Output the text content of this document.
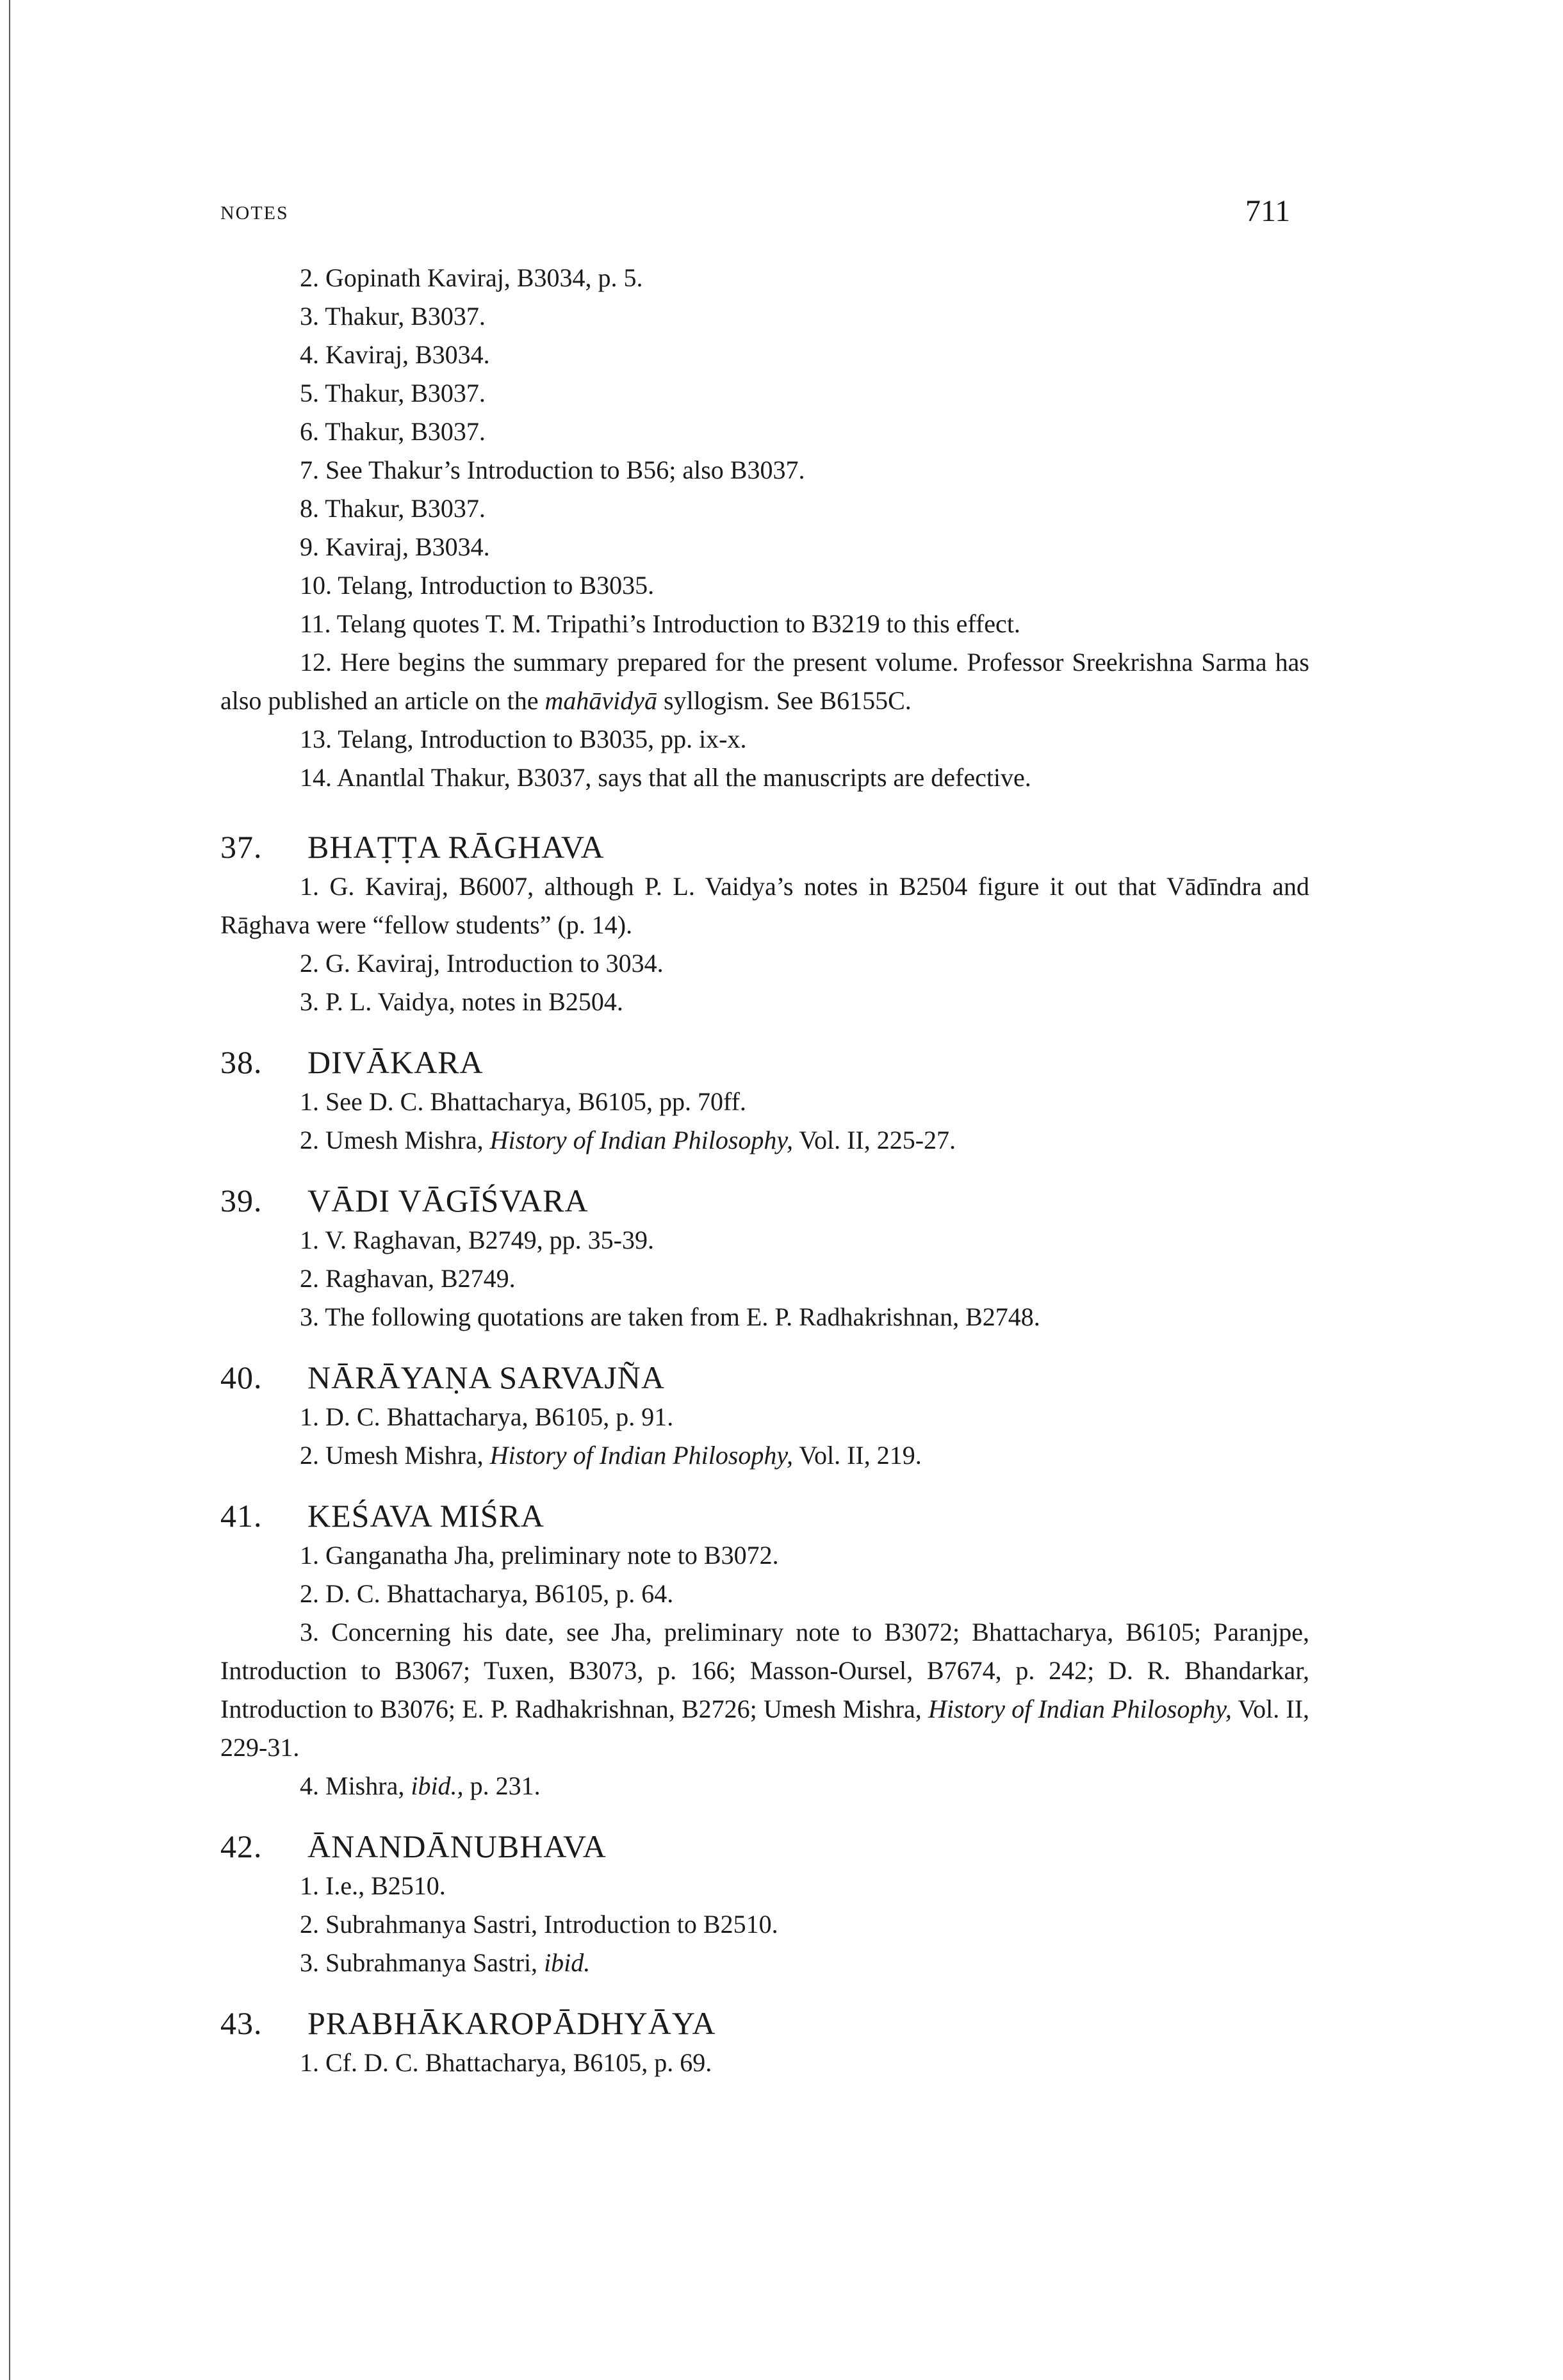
NOTES	711
2. Gopinath Kaviraj, B3034, p. 5.
3. Thakur, B3037.
4. Kaviraj, B3034.
5. Thakur, B3037.
6. Thakur, B3037.
7. See Thakur’s Introduction to B56; also B3037.
8. Thakur, B3037.
9. Kaviraj, B3034.
10. Telang, Introduction to B3035.
11. Telang quotes T. M. Tripathi’s Introduction to B3219 to this effect.

12. Here begins the summary prepared for the present volume. Professor Sreekrishna Sarma has also published an article on the mahāvidyā syllogism. See B6155C.

13. Telang, Introduction to B3035, pp. ix-x.
14. Anantlal Thakur, B3037, says that all the manuscripts are defective.
37. BHAṬṬA RĀGHAVA

1. G. Kaviraj, B6007, although P. L. Vaidya’s notes in B2504 figure it out that Vādīndra and Rāghava were “fellow students” (p. 14).

2. G. Kaviraj, Introduction to 3034.
3. P. L. Vaidya, notes in B2504.
38. DIVĀKARA
1. See D. C. Bhattacharya, B6105, pp. 70ff.
2. Umesh Mishra, History of Indian Philosophy, Vol. II, 225-27.
39. VĀDI VĀGĪŚVARA
1. V. Raghavan, B2749, pp. 35-39.
2. Raghavan, B2749.
3. The following quotations are taken from E. P. Radhakrishnan, B2748.
40. NĀRĀYAṆA SARVAJÑA
1. D. C. Bhattacharya, B6105, p. 91.
2. Umesh Mishra, History of Indian Philosophy, Vol. II, 219.
41. KEŚAVA MIŚRA
1. Ganganatha Jha, preliminary note to B3072.
2. D. C. Bhattacharya, B6105, p. 64.

3. Concerning his date, see Jha, preliminary note to B3072; Bhattacharya, B6105; Paranjpe, Introduction to B3067; Tuxen, B3073, p. 166; Masson-Oursel, B7674, p. 242; D. R. Bhandarkar, Introduction to B3076; E. P. Radhakrishnan, B2726; Umesh Mishra, History of Indian Philosophy, Vol. II, 229-31.

4. Mishra, ibid., p. 231.
42. ĀNANDĀNUBHAVA
1. I.e., B2510.
2. Subrahmanya Sastri, Introduction to B2510.
3. Subrahmanya Sastri, ibid.
43. PRABHĀKAROPĀDHYĀYA
1. Cf. D. C. Bhattacharya, B6105, p. 69.
